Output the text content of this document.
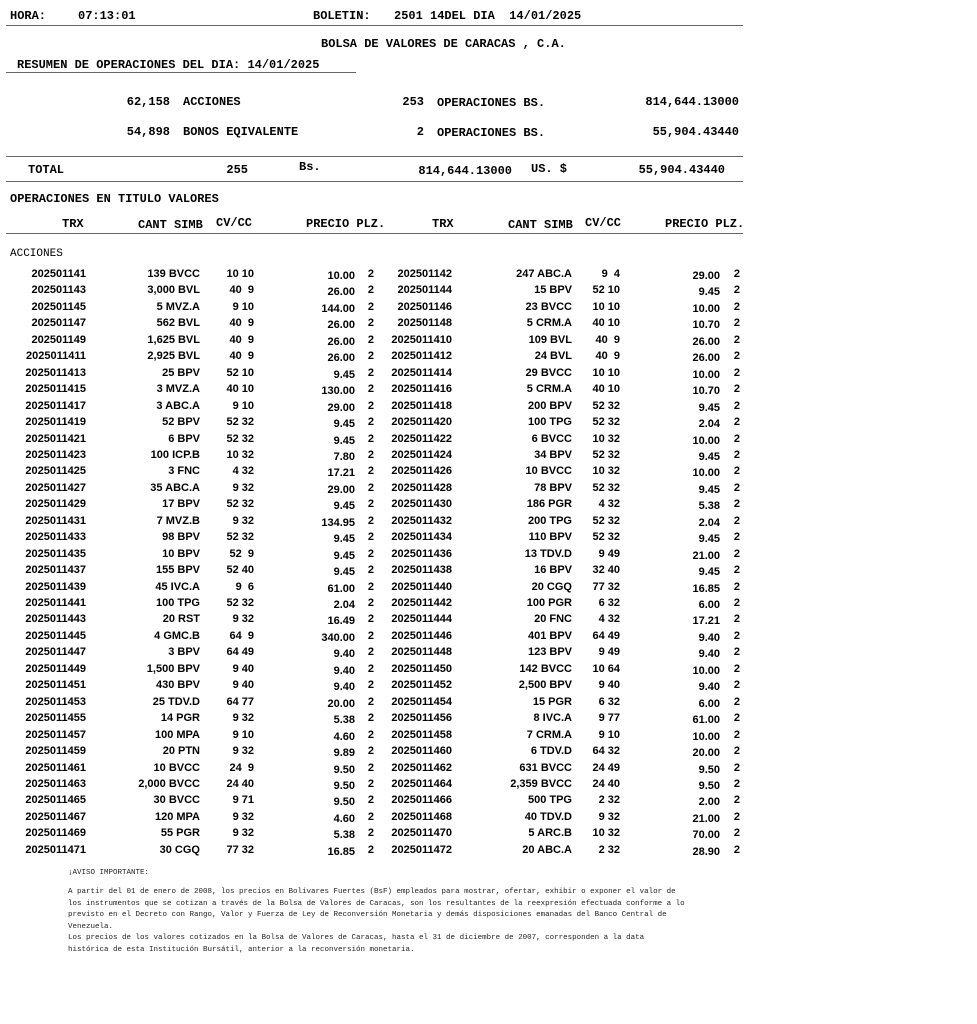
HORA:	07:13:01	BOLETIN: 2501 14DEL DIA  14/01/2025
BOLSA DE VALORES DE CARACAS , C.A.
RESUMEN DE OPERACIONES DEL DIA: 14/01/2025
62,158 ACCIONES	253 OPERACIONES BS.	814,644.13000
54,898 BONOS EQIVALENTE	2 OPERACIONES BS.	55,904.43440
TOTAL	255	Bs.	814,644.13000 US. $	55,904.43440
OPERACIONES EN TITULO VALORES
TRX	CANT SIMB CV/CC	PRECIO PLZ.	TRX	CANT SIMB CV/CC	PRECIO PLZ.
ACCIONES
202501141	139 BVCC	10 10	10.00	2	202501142	247 ABC.A	9  4	29.00	2
202501143	3,000 BVL	40  9	26.00	2	202501144	15 BPV	52 10	9.45	2
202501145	5 MVZ.A	9 10	144.00	2	202501146	23 BVCC	10 10	10.00	2
202501147	562 BVL	40  9	26.00	2	202501148	5 CRM.A	40 10	10.70	2
202501149	1,625 BVL	40  9	26.00	2	2025011410	109 BVL	40  9	26.00	2
2025011411	2,925 BVL	40  9	26.00	2	2025011412	24 BVL	40  9	26.00	2
2025011413	25 BPV	52 10	9.45	2	2025011414	29 BVCC	10 10	10.00	2
2025011415	3 MVZ.A	40 10	130.00	2	2025011416	5 CRM.A	40 10	10.70	2
2025011417	3 ABC.A	9 10	29.00	2	2025011418	200 BPV	52 32	9.45	2
2025011419	52 BPV	52 32	9.45	2	2025011420	100 TPG	52 32	2.04	2
2025011421	6 BPV	52 32	9.45	2	2025011422	6 BVCC	10 32	10.00	2
2025011423	100 ICP.B	10 32	7.80	2	2025011424	34 BPV	52 32	9.45	2
2025011425	3 FNC	4 32	17.21	2	2025011426	10 BVCC	10 32	10.00	2
2025011427	35 ABC.A	9 32	29.00	2	2025011428	78 BPV	52 32	9.45	2
2025011429	17 BPV	52 32	9.45	2	2025011430	186 PGR	4 32	5.38	2
2025011431	7 MVZ.B	9 32	134.95	2	2025011432	200 TPG	52 32	2.04	2
2025011433	98 BPV	52 32	9.45	2	2025011434	110 BPV	52 32	9.45	2
2025011435	10 BPV	52  9	9.45	2	2025011436	13 TDV.D	9 49	21.00	2
2025011437	155 BPV	52 40	9.45	2	2025011438	16 BPV	32 40	9.45	2
2025011439	45 IVC.A	9  6	61.00	2	2025011440	20 CGQ	77 32	16.85	2
2025011441	100 TPG	52 32	2.04	2	2025011442	100 PGR	6 32	6.00	2
2025011443	20 RST	9 32	16.49	2	2025011444	20 FNC	4 32	17.21	2
2025011445	4 GMC.B	64  9	340.00	2	2025011446	401 BPV	64 49	9.40	2
2025011447	3 BPV	64 49	9.40	2	2025011448	123 BPV	9 49	9.40	2
2025011449	1,500 BPV	9 40	9.40	2	2025011450	142 BVCC	10 64	10.00	2
2025011451	430 BPV	9 40	9.40	2	2025011452	2,500 BPV	9 40	9.40	2
2025011453	25 TDV.D	64 77	20.00	2	2025011454	15 PGR	6 32	6.00	2
2025011455	14 PGR	9 32	5.38	2	2025011456	8 IVC.A	9 77	61.00	2
2025011457	100 MPA	9 10	4.60	2	2025011458	7 CRM.A	9 10	10.00	2
2025011459	20 PTN	9 32	9.89	2	2025011460	6 TDV.D	64 32	20.00	2
2025011461	10 BVCC	24  9	9.50	2	2025011462	631 BVCC	24 49	9.50	2
2025011463	2,000 BVCC	24 40	9.50	2	2025011464	2,359 BVCC	24 40	9.50	2
2025011465	30 BVCC	9 71	9.50	2	2025011466	500 TPG	2 32	2.00	2
2025011467	120 MPA	9 32	4.60	2	2025011468	40 TDV.D	9 32	21.00	2
2025011469	55 PGR	9 32	5.38	2	2025011470	5 ARC.B	10 32	70.00	2
2025011471	30 CGQ	77 32	16.85	2	2025011472	20 ABC.A	2 32	28.90	2
¡AVISO IMPORTANTE:
A partir del 01 de enero de 2008, los precios en Bolívares Fuertes (BsF) empleados para mostrar, ofertar, exhibir o exponer el valor de
los instrumentos que se cotizan a través de la Bolsa de Valores de Caracas, son los resultantes de la reexpresión efectuada conforme a lo
previsto en el Decreto con Rango, Valor y Fuerza de Ley de Reconversión Monetaria y demás disposiciones emanadas del Banco Central de
Venezuela.
Los precios de los valores cotizados en la Bolsa de Valores de Caracas, hasta el 31 de diciembre de 2007, corresponden a la data
histórica de esta Institución Bursátil, anterior a la reconversión monetaria.
